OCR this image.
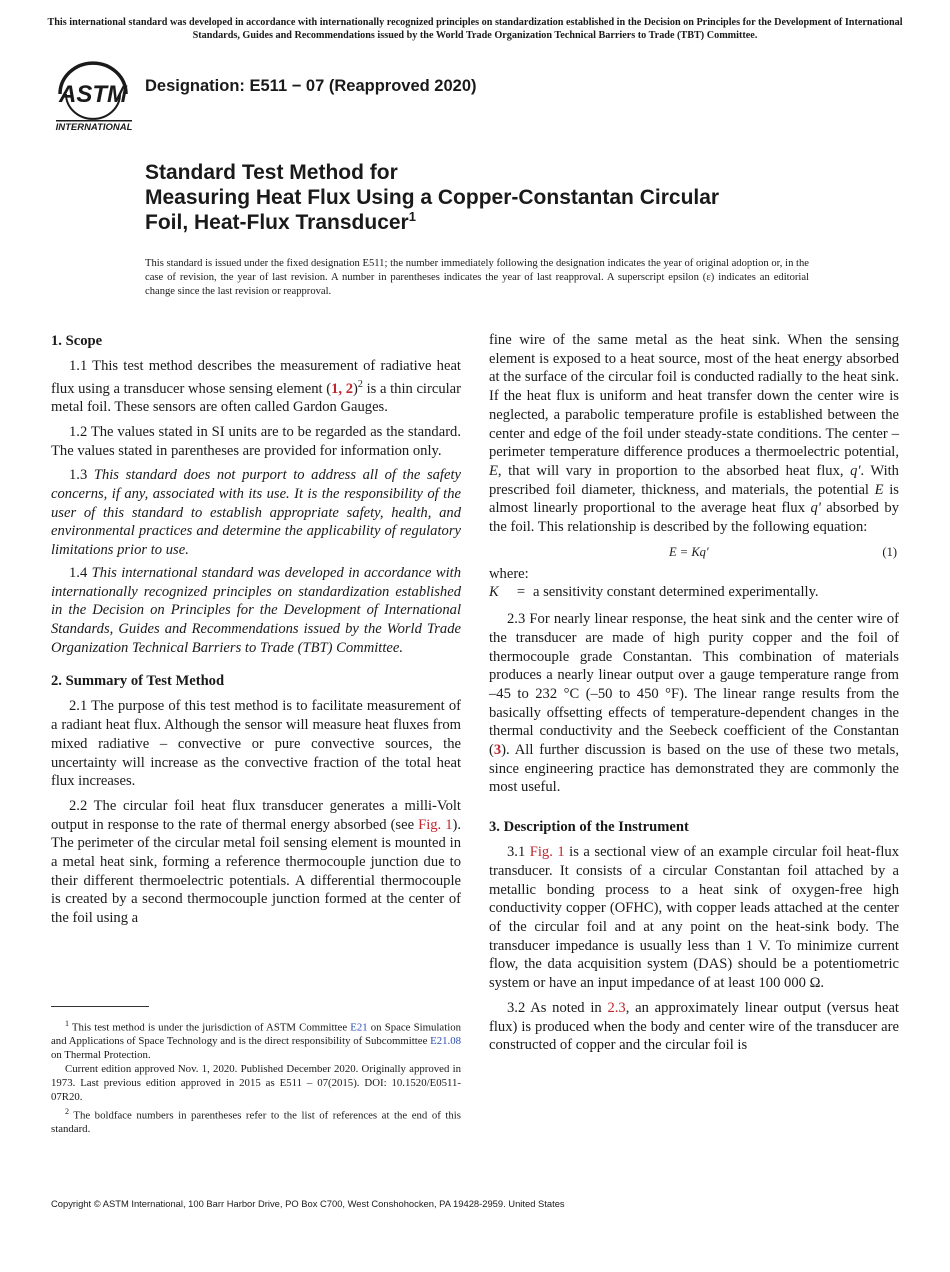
This international standard was developed in accordance with internationally recognized principles on standardization established in the Decision on Principles for the Development of International Standards, Guides and Recommendations issued by the World Trade Organization Technical Barriers to Trade (TBT) Committee.
ASTM
INTERNATIONAL
Designation: E511 − 07 (Reapproved 2020)
Standard Test Method for
Measuring Heat Flux Using a Copper-Constantan Circular
Foil, Heat-Flux Transducer$^1$
This standard is issued under the fixed designation E511; the number immediately following the designation indicates the year of original adoption or, in the case of revision, the year of last revision. A number in parentheses indicates the year of last reapproval. A superscript epsilon (ε) indicates an editorial change since the last revision or reapproval.
1. Scope

1.1 This test method describes the measurement of radiative heat flux using a transducer whose sensing element (1, 2)$^2$ is a thin circular metal foil. These sensors are often called Gardon Gauges.

1.2 The values stated in SI units are to be regarded as the standard. The values stated in parentheses are provided for information only.

1.3 This standard does not purport to address all of the safety concerns, if any, associated with its use. It is the responsibility of the user of this standard to establish appropriate safety, health, and environmental practices and determine the applicability of regulatory limitations prior to use.

1.4 This international standard was developed in accordance with internationally recognized principles on standardization established in the Decision on Principles for the Development of International Standards, Guides and Recommendations issued by the World Trade Organization Technical Barriers to Trade (TBT) Committee.

2. Summary of Test Method

2.1 The purpose of this test method is to facilitate measurement of a radiant heat flux. Although the sensor will measure heat fluxes from mixed radiative – convective or pure convective sources, the uncertainty will increase as the convective fraction of the total heat flux increases.

2.2 The circular foil heat flux transducer generates a milli-Volt output in response to the rate of thermal energy absorbed (see Fig. 1). The perimeter of the circular metal foil sensing element is mounted in a metal heat sink, forming a reference thermocouple junction due to their different thermoelectric potentials. A differential thermocouple is created by a second thermocouple junction formed at the center of the foil using a

fine wire of the same metal as the heat sink. When the sensing element is exposed to a heat source, most of the heat energy absorbed at the surface of the circular foil is conducted radially to the heat sink. If the heat flux is uniform and heat transfer down the center wire is neglected, a parabolic temperature profile is established between the center and edge of the foil under steady-state conditions. The center – perimeter temperature difference produces a thermoelectric potential, E, that will vary in proportion to the absorbed heat flux, q'. With prescribed foil diameter, thickness, and materials, the potential E is almost linearly proportional to the average heat flux q' absorbed by the foil. This relationship is described by the following equation:

E = Kq'	(1)

where:

K	= a sensitivity constant determined experimentally.

2.3 For nearly linear response, the heat sink and the center wire of the transducer are made of high purity copper and the foil of thermocouple grade Constantan. This combination of materials produces a nearly linear output over a gauge temperature range from –45 to 232 °C (–50 to 450 °F). The linear range results from the basically offsetting effects of temperature-dependent changes in the thermal conductivity and the Seebeck coefficient of the Constantan (3). All further discussion is based on the use of these two metals, since engineering practice has demonstrated they are commonly the most useful.

3. Description of the Instrument

3.1 Fig. 1 is a sectional view of an example circular foil heat-flux transducer. It consists of a circular Constantan foil attached by a metallic bonding process to a heat sink of oxygen-free high conductivity copper (OFHC), with copper leads attached at the center of the circular foil and at any point on the heat-sink body. The transducer impedance is usually less than 1 V. To minimize current flow, the data acquisition system (DAS) should be a potentiometric system or have an input impedance of at least 100 000 Ω.

3.2 As noted in 2.3, an approximately linear output (versus heat flux) is produced when the body and center wire of the transducer are constructed of copper and the circular foil is

$^1$ This test method is under the jurisdiction of ASTM Committee E21 on Space Simulation and Applications of Space Technology and is the direct responsibility of Subcommittee E21.08 on Thermal Protection.

Current edition approved Nov. 1, 2020. Published December 2020. Originally approved in 1973. Last previous edition approved in 2015 as E511 – 07(2015). DOI: 10.1520/E0511-07R20.

$^2$ The boldface numbers in parentheses refer to the list of references at the end of this standard.

Copyright © ASTM International, 100 Barr Harbor Drive, PO Box C700, West Conshohocken, PA 19428-2959. United States
